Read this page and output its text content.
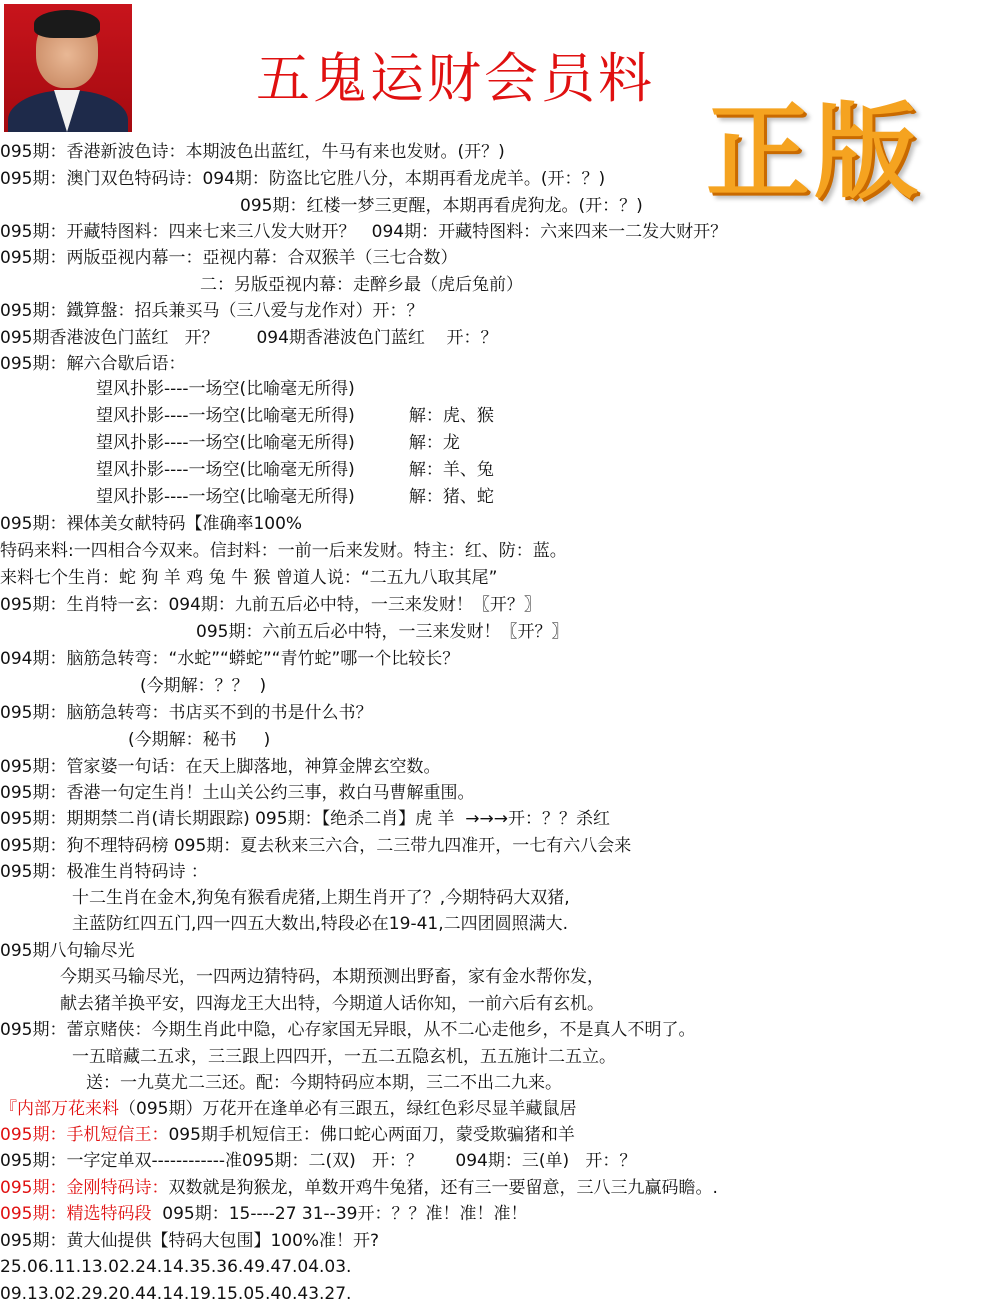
五鬼运财会员料
正版
095期：香港新波色诗：本期波色出蓝红，牛马有来也发财。(开？)
095期：澳门双色特码诗：094期：防盗比它胜八分，本期再看龙虎羊。(开：？)
095期：红楼一梦三更醒，本期再看虎狗龙。(开：？)
095期：开藏特图料：四来七来三八发大财开？   094期：开藏特图料：六来四来一二发大财开？
095期：两版亞视内幕一：亞视内幕：合双猴羊（三七合数）
二：另版亞视内幕：走醉乡最（虎后兔前）
095期：鐵算盤：招兵兼买马（三八爱与龙作对）开：？
095期香港波色门蓝红   开？       094期香港波色门蓝红    开：？
095期：解六合歇后语：
望风扑影----一场空(比喻毫无所得)
望风扑影----一场空(比喻毫无所得)          解：虎、猴
望风扑影----一场空(比喻毫无所得)          解：龙
望风扑影----一场空(比喻毫无所得)          解：羊、兔
望风扑影----一场空(比喻毫无所得)          解：猪、蛇
095期：裸体美女献特码【准确率100%
特码来料:一四相合今双来。信封料：一前一后来发财。特主：红、防：蓝。
来料七个生肖：蛇 狗 羊 鸡 兔 牛 猴 曾道人说：“二五九八取其尾”
095期：生肖特一玄：094期：九前五后必中特，一三来发财！〖开？〗
095期：六前五后必中特，一三来发财！〖开？〗
094期：脑筋急转弯：“水蛇”“蟒蛇”“青竹蛇”哪一个比较长？
(今期解：？？  )
095期：脑筋急转弯：书店买不到的书是什么书？
(今期解：秘书     )
095期：管家婆一句话：在天上脚落地，神算金牌玄空数。
095期：香港一句定生肖！土山关公约三事，救白马曹解重围。
095期：期期禁二肖(请长期跟踪) 095期：【绝杀二肖】虎 羊  →→→开：？？杀红
095期：狗不理特码榜 095期：夏去秋来三六合，二三带九四准开，一七有六八会来
095期：极准生肖特码诗 ：
十二生肖在金木,狗兔有猴看虎猪,上期生肖开了？,今期特码大双猪,
主蓝防红四五门,四一四五大数出,特段必在19-41,二四团圆照满大.
095期八句输尽光
今期买马输尽光，一四两边猜特码，本期预测出野畜，家有金水帮你发，
献去猪羊换平安，四海龙王大出特，今期道人话你知，一前六后有玄机。
095期：蕾京赌侠：今期生肖此中隐，心存家国无异眼，从不二心走他乡，不是真人不明了。
一五暗藏二五求，三三跟上四四开，一五二五隐玄机，五五施计二五立。
送：一九莫尤二三还。配：今期特码应本期，三二不出二九来。
『内部万花来料（095期）万花开在逢单必有三跟五，绿红色彩尽显羊藏鼠居
095期：手机短信王：095期手机短信王：佛口蛇心两面刀，蒙受欺骗猪和羊
095期：一字定单双------------准095期：二(双)   开：？      094期：三(单)   开：？
095期：金刚特码诗：双数就是狗猴龙，单数开鸡牛兔猪，还有三一要留意，三八三九赢码瞻。.
095期：精选特码段  095期：15----27 31--39开：？？准！准！准！
095期：黄大仙提供【特码大包围】100%准！开?
25.06.11.13.02.24.14.35.36.49.47.04.03.
09.13.02.29.20.44.14.19.15.05.40.43.27.
